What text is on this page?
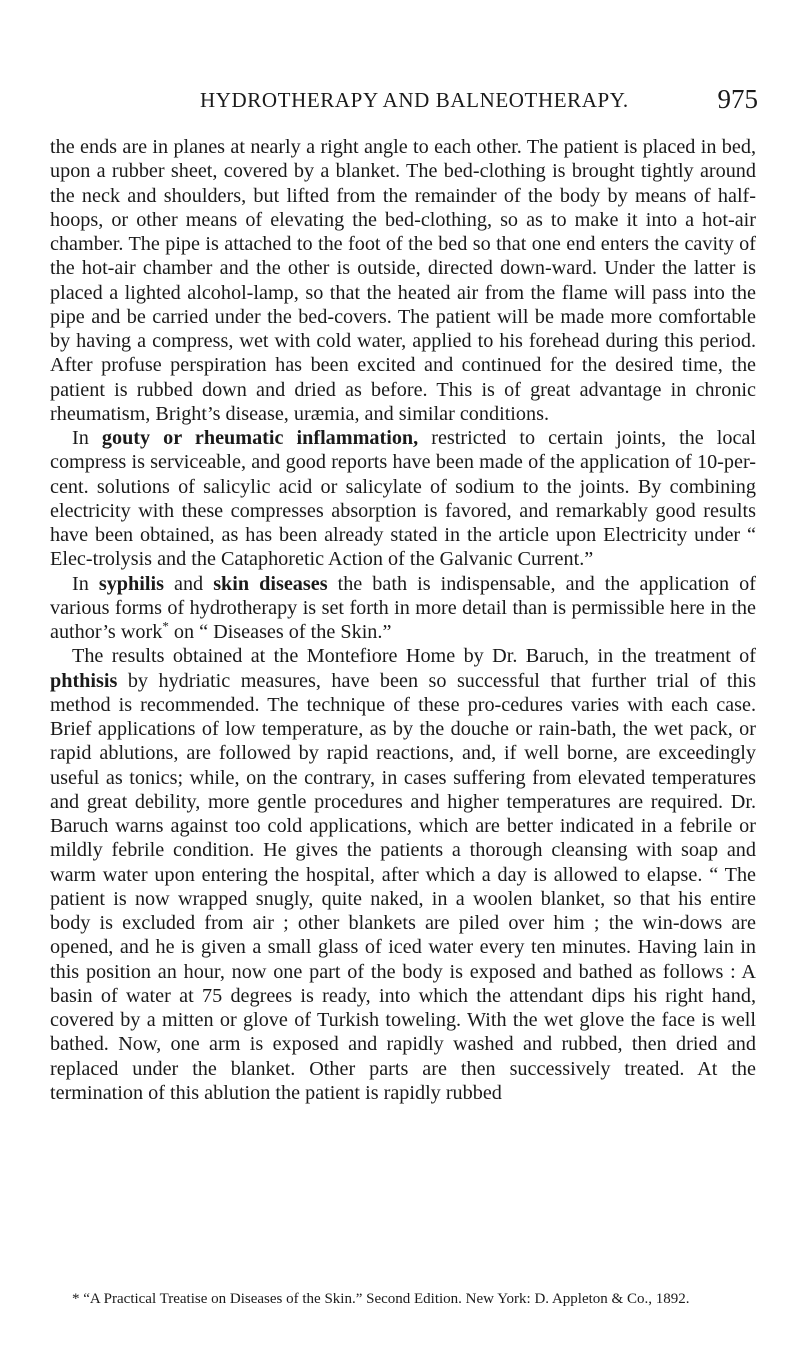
HYDROTHERAPY AND BALNEOTHERAPY.	975

the ends are in planes at nearly a right angle to each other. The patient is placed in bed, upon a rubber sheet, covered by a blanket. The bed-clothing is brought tightly around the neck and shoulders, but lifted from the remainder of the body by means of half-hoops, or other means of elevating the bed-clothing, so as to make it into a hot-air chamber. The pipe is attached to the foot of the bed so that one end enters the cavity of the hot-air chamber and the other is outside, directed down-ward. Under the latter is placed a lighted alcohol-lamp, so that the heated air from the flame will pass into the pipe and be carried under the bed-covers. The patient will be made more comfortable by having a compress, wet with cold water, applied to his forehead during this period. After profuse perspiration has been excited and continued for the desired time, the patient is rubbed down and dried as before. This is of great advantage in chronic rheumatism, Bright’s disease, uræmia, and similar conditions.

In gouty or rheumatic inflammation, restricted to certain joints, the local compress is serviceable, and good reports have been made of the application of 10-per-cent. solutions of salicylic acid or salicylate of sodium to the joints. By combining electricity with these compresses absorption is favored, and remarkably good results have been obtained, as has been already stated in the article upon Electricity under “ Elec-trolysis and the Cataphoretic Action of the Galvanic Current.”

In syphilis and skin diseases the bath is indispensable, and the application of various forms of hydrotherapy is set forth in more detail than is permissible here in the author’s work* on “ Diseases of the Skin.”

The results obtained at the Montefiore Home by Dr. Baruch, in the treatment of phthisis by hydriatic measures, have been so successful that further trial of this method is recommended. The technique of these pro-cedures varies with each case. Brief applications of low temperature, as by the douche or rain-bath, the wet pack, or rapid ablutions, are followed by rapid reactions, and, if well borne, are exceedingly useful as tonics; while, on the contrary, in cases suffering from elevated temperatures and great debility, more gentle procedures and higher temperatures are required. Dr. Baruch warns against too cold applications, which are better indicated in a febrile or mildly febrile condition. He gives the patients a thorough cleansing with soap and warm water upon entering the hospital, after which a day is allowed to elapse. “ The patient is now wrapped snugly, quite naked, in a woolen blanket, so that his entire body is excluded from air ; other blankets are piled over him ; the win-dows are opened, and he is given a small glass of iced water every ten minutes. Having lain in this position an hour, now one part of the body is exposed and bathed as follows : A basin of water at 75 degrees is ready, into which the attendant dips his right hand, covered by a mitten or glove of Turkish toweling. With the wet glove the face is well bathed. Now, one arm is exposed and rapidly washed and rubbed, then dried and replaced under the blanket. Other parts are then successively treated. At the termination of this ablution the patient is rapidly rubbed

* “A Practical Treatise on Diseases of the Skin.” Second Edition. New York: D. Appleton & Co., 1892.
